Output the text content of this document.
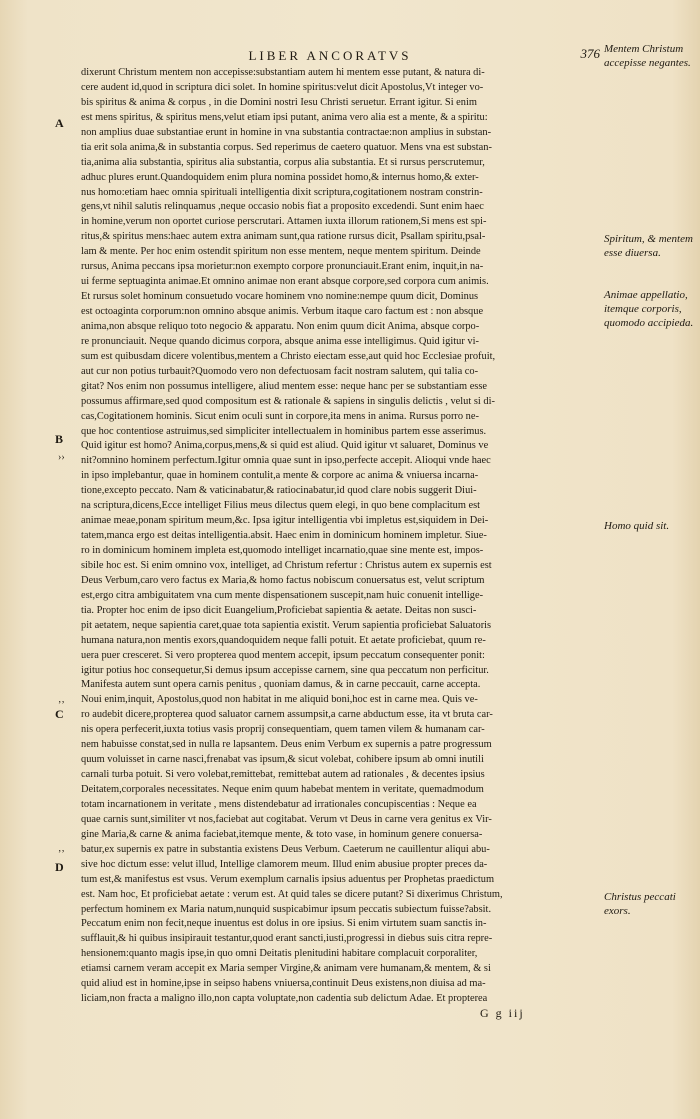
LIBER ANCORATVS	376
dixerunt Christum mentem non accepisse:substantiam autem hi mentem esse putant, & natura di-
cere audent id,quod in scriptura dici solet. In homine spiritus:velut dicit Apostolus,Vt integer vo-
bis spiritus & anima & corpus , in die Domini nostri Iesu Christi seruetur. Errant igitur. Si enim
est mens spiritus, & spiritus mens,velut etiam ipsi putant, anima vero alia est a mente, & a spiritu:
non amplius duae substantiae erunt in homine in vna substantia contractae:non amplius in substan-
tia erit sola anima,& in substantia corpus. Sed reperimus de caetero quatuor. Mens vna est substan-
tia,anima alia substantia, spiritus alia substantia, corpus alia substantia. Et si rursus perscrutemur,
adhuc plures erunt.Quandoquidem enim plura nomina possidet homo,& internus homo,& exter-
nus homo:etiam haec omnia spirituali intelligentia dixit scriptura,cogitationem nostram constrin-
gens,vt nihil salutis relinquamus ,neque occasio nobis fiat a proposito excedendi. Sunt enim haec
in homine,verum non oportet curiose perscrutari. Attamen iuxta illorum rationem,Si mens est spi-
ritus,& spiritus mens:haec autem extra animam sunt,qua ratione rursus dicit, Psallam spiritu,psal-
lam & mente. Per hoc enim ostendit spiritum non esse mentem, neque mentem spiritum. Deinde
rursus, Anima peccans ipsa morietur:non exempto corpore pronunciauit.Erant enim, inquit,in na-
ui ferme septuaginta animae.Et omnino animae non erant absque corpore,sed corpora cum animis.
Et rursus solet hominum consuetudo vocare hominem vno nomine:nempe quum dicit, Dominus
est octoaginta corporum:non omnino absque animis. Verbum itaque caro factum est : non absque
anima,non absque reliquo toto negocio & apparatu. Non enim quum dicit Anima, absque corpo-
re pronunciauit. Neque quando dicimus corpora, absque anima esse intelligimus. Quid igitur vi-
sum est quibusdam dicere volentibus,mentem a Christo eiectam esse,aut quid hoc Ecclesiae profuit,
aut cur non potius turbauit?Quomodo vero non defectuosam facit nostram salutem, qui talia co-
gitat? Nos enim non possumus intelligere, aliud mentem esse: neque hanc per se substantiam esse
possumus affirmare,sed quod compositum est & rationale & sapiens in singulis delictis , velut si di-
cas,Cogitationem hominis. Sicut enim oculi sunt in corpore,ita mens in anima. Rursus porro ne-
que hoc contentiose astruimus,sed simpliciter intellectualem in hominibus partem esse asserimus.
Quid igitur est homo? Anima,corpus,mens,& si quid est aliud. Quid igitur vt saluaret, Dominus ve
nit?omnino hominem perfectum.Igitur omnia quae sunt in ipso,perfecte accepit. Alioqui vnde haec
in ipso implebantur, quae in hominem contulit,a mente & corpore ac anima & vniuersa incarna-
tione,excepto peccato. Nam & vaticinabatur,& ratiocinabatur,id quod clare nobis suggerit Diui-
na scriptura,dicens,Ecce intelliget Filius meus dilectus quem elegi, in quo bene complacitum est
animae meae,ponam spiritum meum,&c. Ipsa igitur intelligentia vbi impletus est,siquidem in Dei-
tatem,manca ergo est deitas intelligentia.absit. Haec enim in dominicum hominem impletur. Siue-
ro in dominicum hominem impleta est,quomodo intelliget incarnatio,quae sine mente est, impos-
sibile hoc est. Si enim omnino vox, intelliget, ad Christum refertur : Christus autem ex supernis est
Deus Verbum,caro vero factus ex Maria,& homo factus nobiscum conuersatus est, velut scriptum
est,ergo citra ambiguitatem vna cum mente dispensationem suscepit,nam huic conuenit intellige-
tia. Propter hoc enim de ipso dicit Euangelium,Proficiebat sapientia & aetate. Deitas non susci-
pit aetatem, neque sapientia caret,quae tota sapientia existit. Verum sapientia proficiebat Saluatoris
humana natura,non mentis exors,quandoquidem neque falli potuit. Et aetate proficiebat, quum re-
uera puer cresceret. Si vero propterea quod mentem accepit, ipsum peccatum consequenter ponit:
igitur potius hoc consequetur,Si demus ipsum accepisse carnem, sine qua peccatum non perficitur.
Manifesta autem sunt opera carnis penitus , quoniam damus, & in carne peccauit, carne accepta.
Noui enim,inquit, Apostolus,quod non habitat in me aliquid boni,hoc est in carne mea. Quis ve-
ro audebit dicere,propterea quod saluator carnem assumpsit,a carne abductum esse, ita vt bruta car-
nis opera perfecerit,iuxta totius vasis proprij consequentiam, quem tamen vilem & humanam car-
nem habuisse constat,sed in nulla re lapsantem. Deus enim Verbum ex supernis a patre progressum
quum voluisset in carne nasci,frenabat vas ipsum,& sicut volebat, cohibere ipsum ab omni inutili
carnali turba potuit. Si vero volebat,remittebat, remittebat autem ad rationales , & decentes ipsius
Deitatem,corporales necessitates. Neque enim quum habebat mentem in veritate, quemadmodum
totam incarnationem in veritate , mens distendebatur ad irrationales concupiscentias : Neque ea
quae carnis sunt,similiter vt nos,faciebat aut cogitabat. Verum vt Deus in carne vera genitus ex Vir-
gine Maria,& carne & anima faciebat,itemque mente, & toto vase, in hominum genere conuersa-
batur,ex supernis ex patre in substantia existens Deus Verbum. Caeterum ne cauillentur aliqui abu-
sive hoc dictum esse: velut illud, Intellige clamorem meum. Illud enim abusiue propter preces da-
tum est,& manifestus est vsus. Verum exemplum carnalis ipsius aduentus per Prophetas praedictum
est. Nam hoc, Et proficiebat aetate : verum est. At quid tales se dicere putant? Si dixerimus Christum,
perfectum hominem ex Maria natum,nunquid suspicabimur ipsum peccatis subiectum fuisse?absit.
Peccatum enim non fecit,neque inuentus est dolus in ore ipsius. Si enim virtutem suam sanctis in-
sufflauit,& hi quibus insipirauit testantur,quod erant sancti,iusti,progressi in diebus suis citra repre-
hensionem:quanto magis ipse,in quo omni Deitatis plenitudini habitare complacuit corporaliter,
etiamsi carnem veram accepit ex Maria semper Virgine,& animam vere humanam,& mentem, & si
quid aliud est in homine,ipse in seipso habens vniuersa,continuit Deus existens,non diuisa ad ma-
liciam,non fracta a maligno illo,non capta voluptate,non cadentia sub delictum Adae. Et propterea
A
B
C
D
››
‚‚
‚‚
Mentem Christum accepisse negantes.
Spiritum, & mentem esse diuersa.
Animae appellatio, itemque corporis, quomodo accipieda.
Homo quid sit.
Christus peccati exors.
G g iij
